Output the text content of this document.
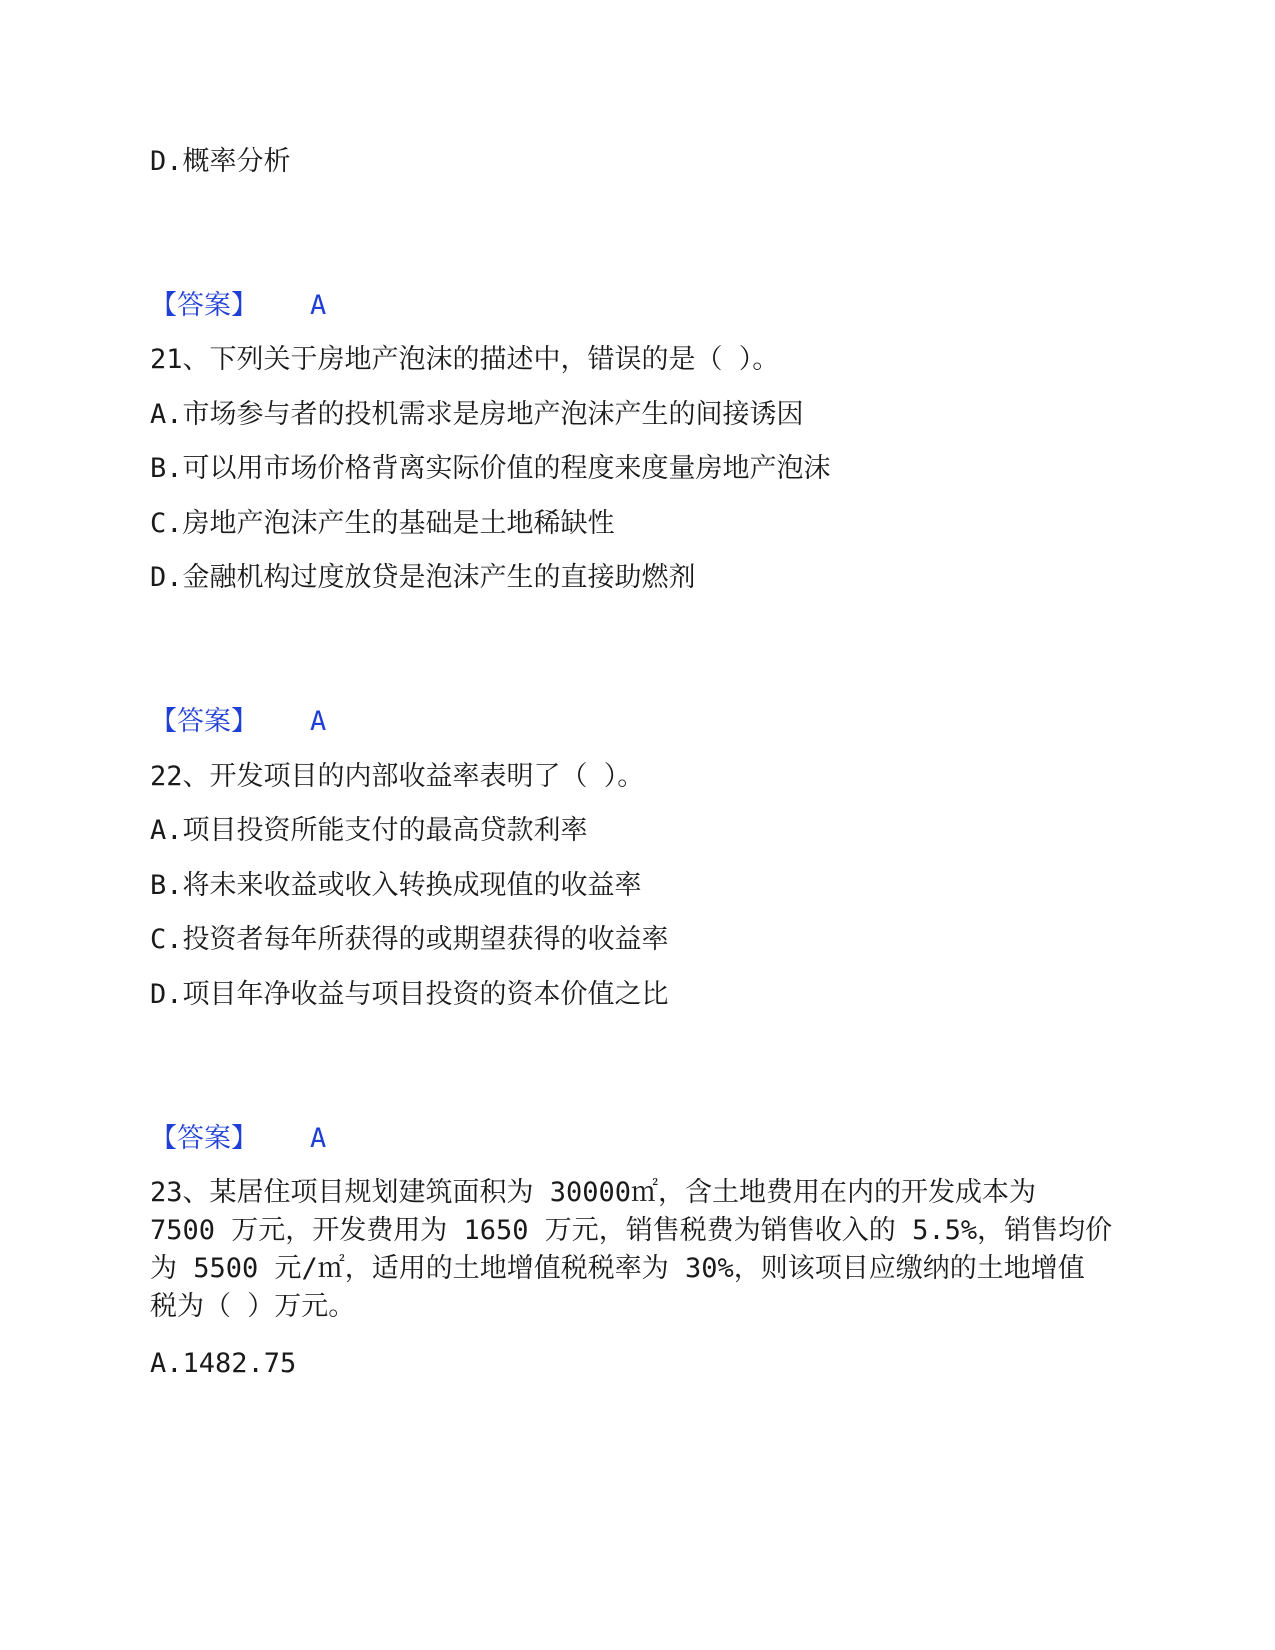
D.概率分析
【答案】 A
21、下列关于房地产泡沫的描述中，错误的是（ ）。
A.市场参与者的投机需求是房地产泡沫产生的间接诱因
B.可以用市场价格背离实际价值的程度来度量房地产泡沫
C.房地产泡沫产生的基础是土地稀缺性
D.金融机构过度放贷是泡沫产生的直接助燃剂
【答案】 A
22、开发项目的内部收益率表明了（ ）。
A.项目投资所能支付的最高贷款利率
B.将未来收益或收入转换成现值的收益率
C.投资者每年所获得的或期望获得的收益率
D.项目年净收益与项目投资的资本价值之比
【答案】 A
23、某居住项目规划建筑面积为 30000㎡，含土地费用在内的开发成本为
7500 万元，开发费用为 1650 万元，销售税费为销售收入的 5.5%，销售均价
为 5500 元/㎡，适用的土地增值税税率为 30%，则该项目应缴纳的土地增值
税为（ ）万元。
A.1482.75
